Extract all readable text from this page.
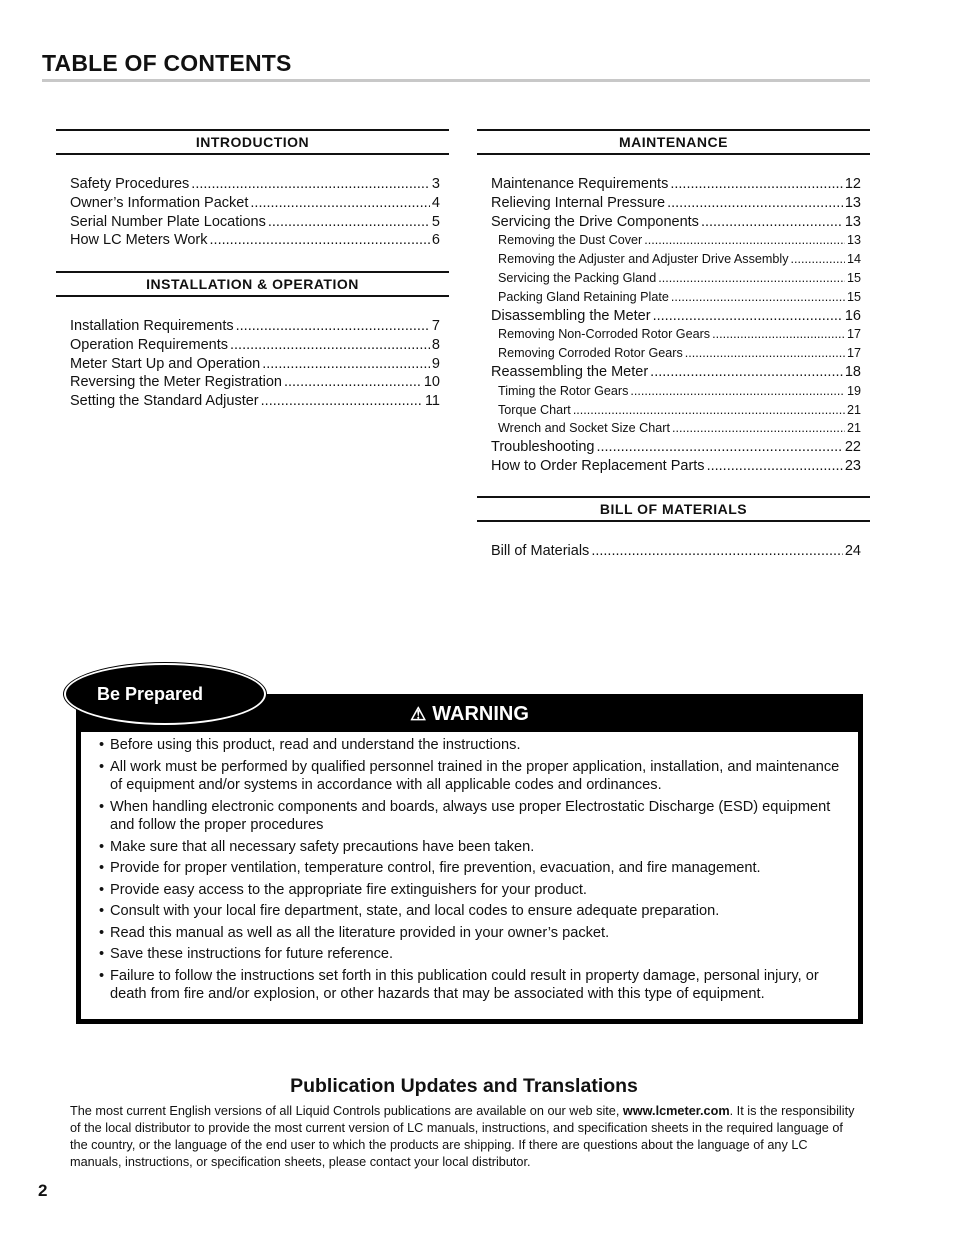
TABLE OF CONTENTS
INTRODUCTION
Safety Procedures .....	3
Owner’s Information Packet .....	4
Serial Number Plate Locations .....	5
How LC Meters Work .....	6
INSTALLATION & OPERATION
Installation Requirements .....	7
Operation Requirements .....	8
Meter Start Up and Operation .....	9
Reversing the Meter Registration .....	10
Setting the Standard Adjuster .....	11
MAINTENANCE
Maintenance Requirements .....	12
Relieving Internal Pressure .....	13
Servicing the Drive Components .....	13
Removing the Dust Cover .....	13
Removing the Adjuster and Adjuster Drive Assembly .....	14
Servicing the Packing Gland .....	15
Packing Gland Retaining Plate .....	15
Disassembling the Meter .....	16
Removing Non-Corroded Rotor Gears .....	17
Removing Corroded Rotor Gears .....	17
Reassembling the Meter .....	18
Timing the Rotor Gears .....	19
Torque Chart .....	21
Wrench and Socket Size Chart .....	21
Troubleshooting .....	22
How to Order Replacement Parts .....	23
BILL OF MATERIALS
Bill of Materials .....	24
⚠ WARNING
• Before using this product, read and understand the instructions.
• All work must be performed by qualified personnel trained in the proper application, installation, and maintenance of equipment and/or systems in accordance with all applicable codes and ordinances.
• When handling electronic components and boards, always use proper Electrostatic Discharge (ESD) equipment and follow the proper procedures
• Make sure that all necessary safety precautions have been taken.
• Provide for proper ventilation, temperature control, fire prevention, evacuation, and fire management.
• Provide easy access to the appropriate fire extinguishers for your product.
• Consult with your local fire department, state, and local codes to ensure adequate preparation.
• Read this manual as well as all the literature provided in your owner’s packet.
• Save these instructions for future reference.
• Failure to follow the instructions set forth in this publication could result in property damage, personal injury, or death from fire and/or explosion, or other hazards that may be associated with this type of equipment.
Be Prepared
Publication Updates and Translations
The most current English versions of all Liquid Controls publications are available on our web site, www.lcmeter.com. It is the responsibility of the local distributor to provide the most current version of LC manuals, instructions, and specification sheets in the required language of the country, or the language of the end user to which the products are shipping. If there are questions about the language of any LC manuals, instructions, or specification sheets, please contact your local distributor.
2
